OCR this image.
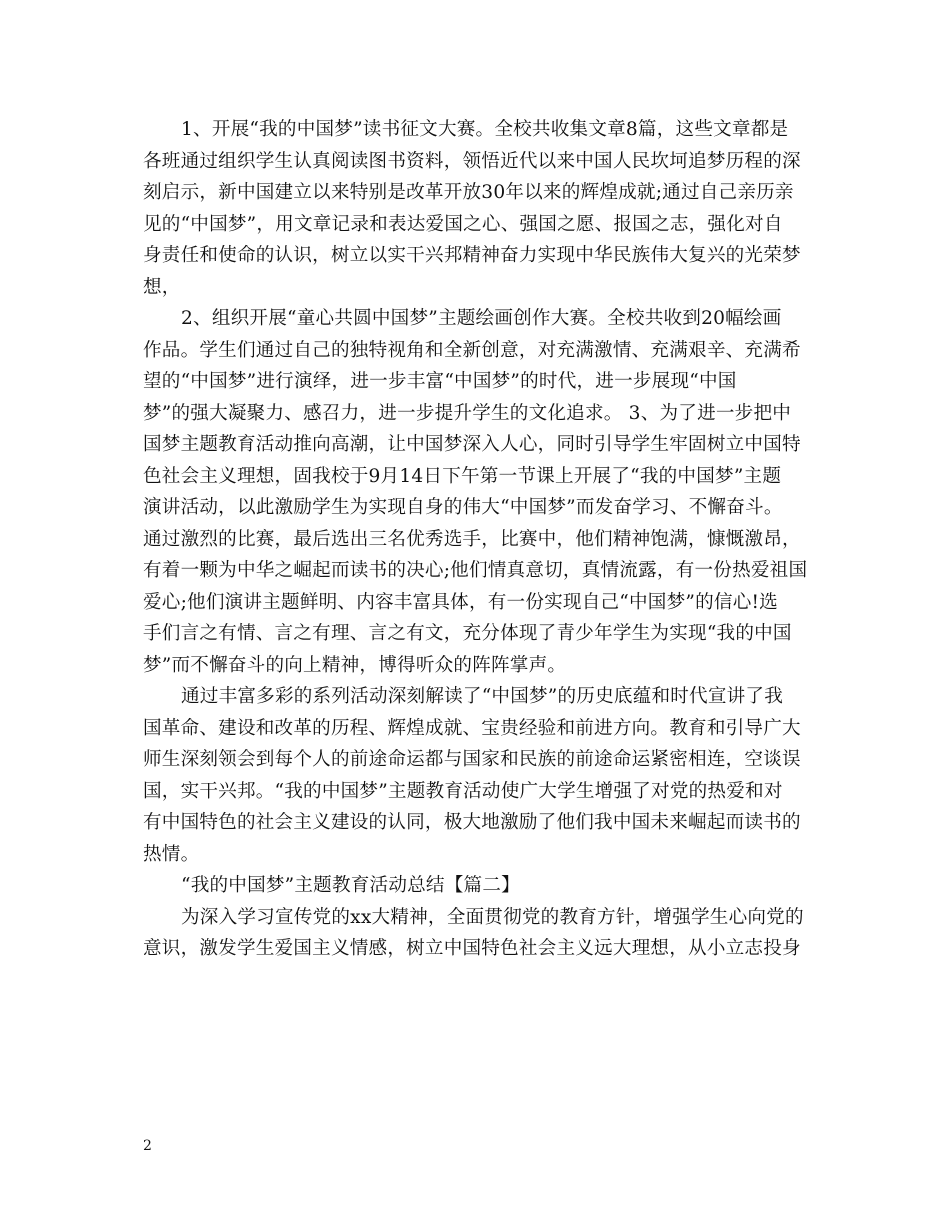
1、开展“我的中国梦”读书征文大赛。全校共收集文章8篇，这些文章都是

各班通过组织学生认真阅读图书资料，领悟近代以来中国人民坎坷追梦历程的深

刻启示，新中国建立以来特别是改革开放30年以来的辉煌成就;通过自己亲历亲

见的“中国梦”，用文章记录和表达爱国之心、强国之愿、报国之志，强化对自

身责任和使命的认识，树立以实干兴邦精神奋力实现中华民族伟大复兴的光荣梦

想，

2、组织开展“童心共圆中国梦”主题绘画创作大赛。全校共收到20幅绘画

作品。学生们通过自己的独特视角和全新创意，对充满激情、充满艰辛、充满希

望的“中国梦”进行演绎，进一步丰富“中国梦”的时代，进一步展现“中国

梦”的强大凝聚力、感召力，进一步提升学生的文化追求。 3、为了进一步把中

国梦主题教育活动推向高潮，让中国梦深入人心，同时引导学生牢固树立中国特

色社会主义理想，固我校于9月14日下午第一节课上开展了“我的中国梦”主题

演讲活动，以此激励学生为实现自身的伟大“中国梦”而发奋学习、不懈奋斗。

通过激烈的比赛，最后选出三名优秀选手，比赛中，他们精神饱满，慷慨激昂，

有着一颗为中华之崛起而读书的决心;他们情真意切，真情流露，有一份热爱祖国

爱心;他们演讲主题鲜明、内容丰富具体，有一份实现自己“中国梦”的信心!选

手们言之有情、言之有理、言之有文，充分体现了青少年学生为实现“我的中国

梦”而不懈奋斗的向上精神，博得听众的阵阵掌声。

通过丰富多彩的系列活动深刻解读了“中国梦”的历史底蕴和时代宣讲了我

国革命、建设和改革的历程、辉煌成就、宝贵经验和前进方向。教育和引导广大

师生深刻领会到每个人的前途命运都与国家和民族的前途命运紧密相连，空谈误

国，实干兴邦。“我的中国梦”主题教育活动使广大学生增强了对党的热爱和对

有中国特色的社会主义建设的认同，极大地激励了他们我中国未来崛起而读书的

热情。

“我的中国梦”主题教育活动总结【篇二】

为深入学习宣传党的xx大精神，全面贯彻党的教育方针，增强学生心向党的

意识，激发学生爱国主义情感，树立中国特色社会主义远大理想，从小立志投身

2
